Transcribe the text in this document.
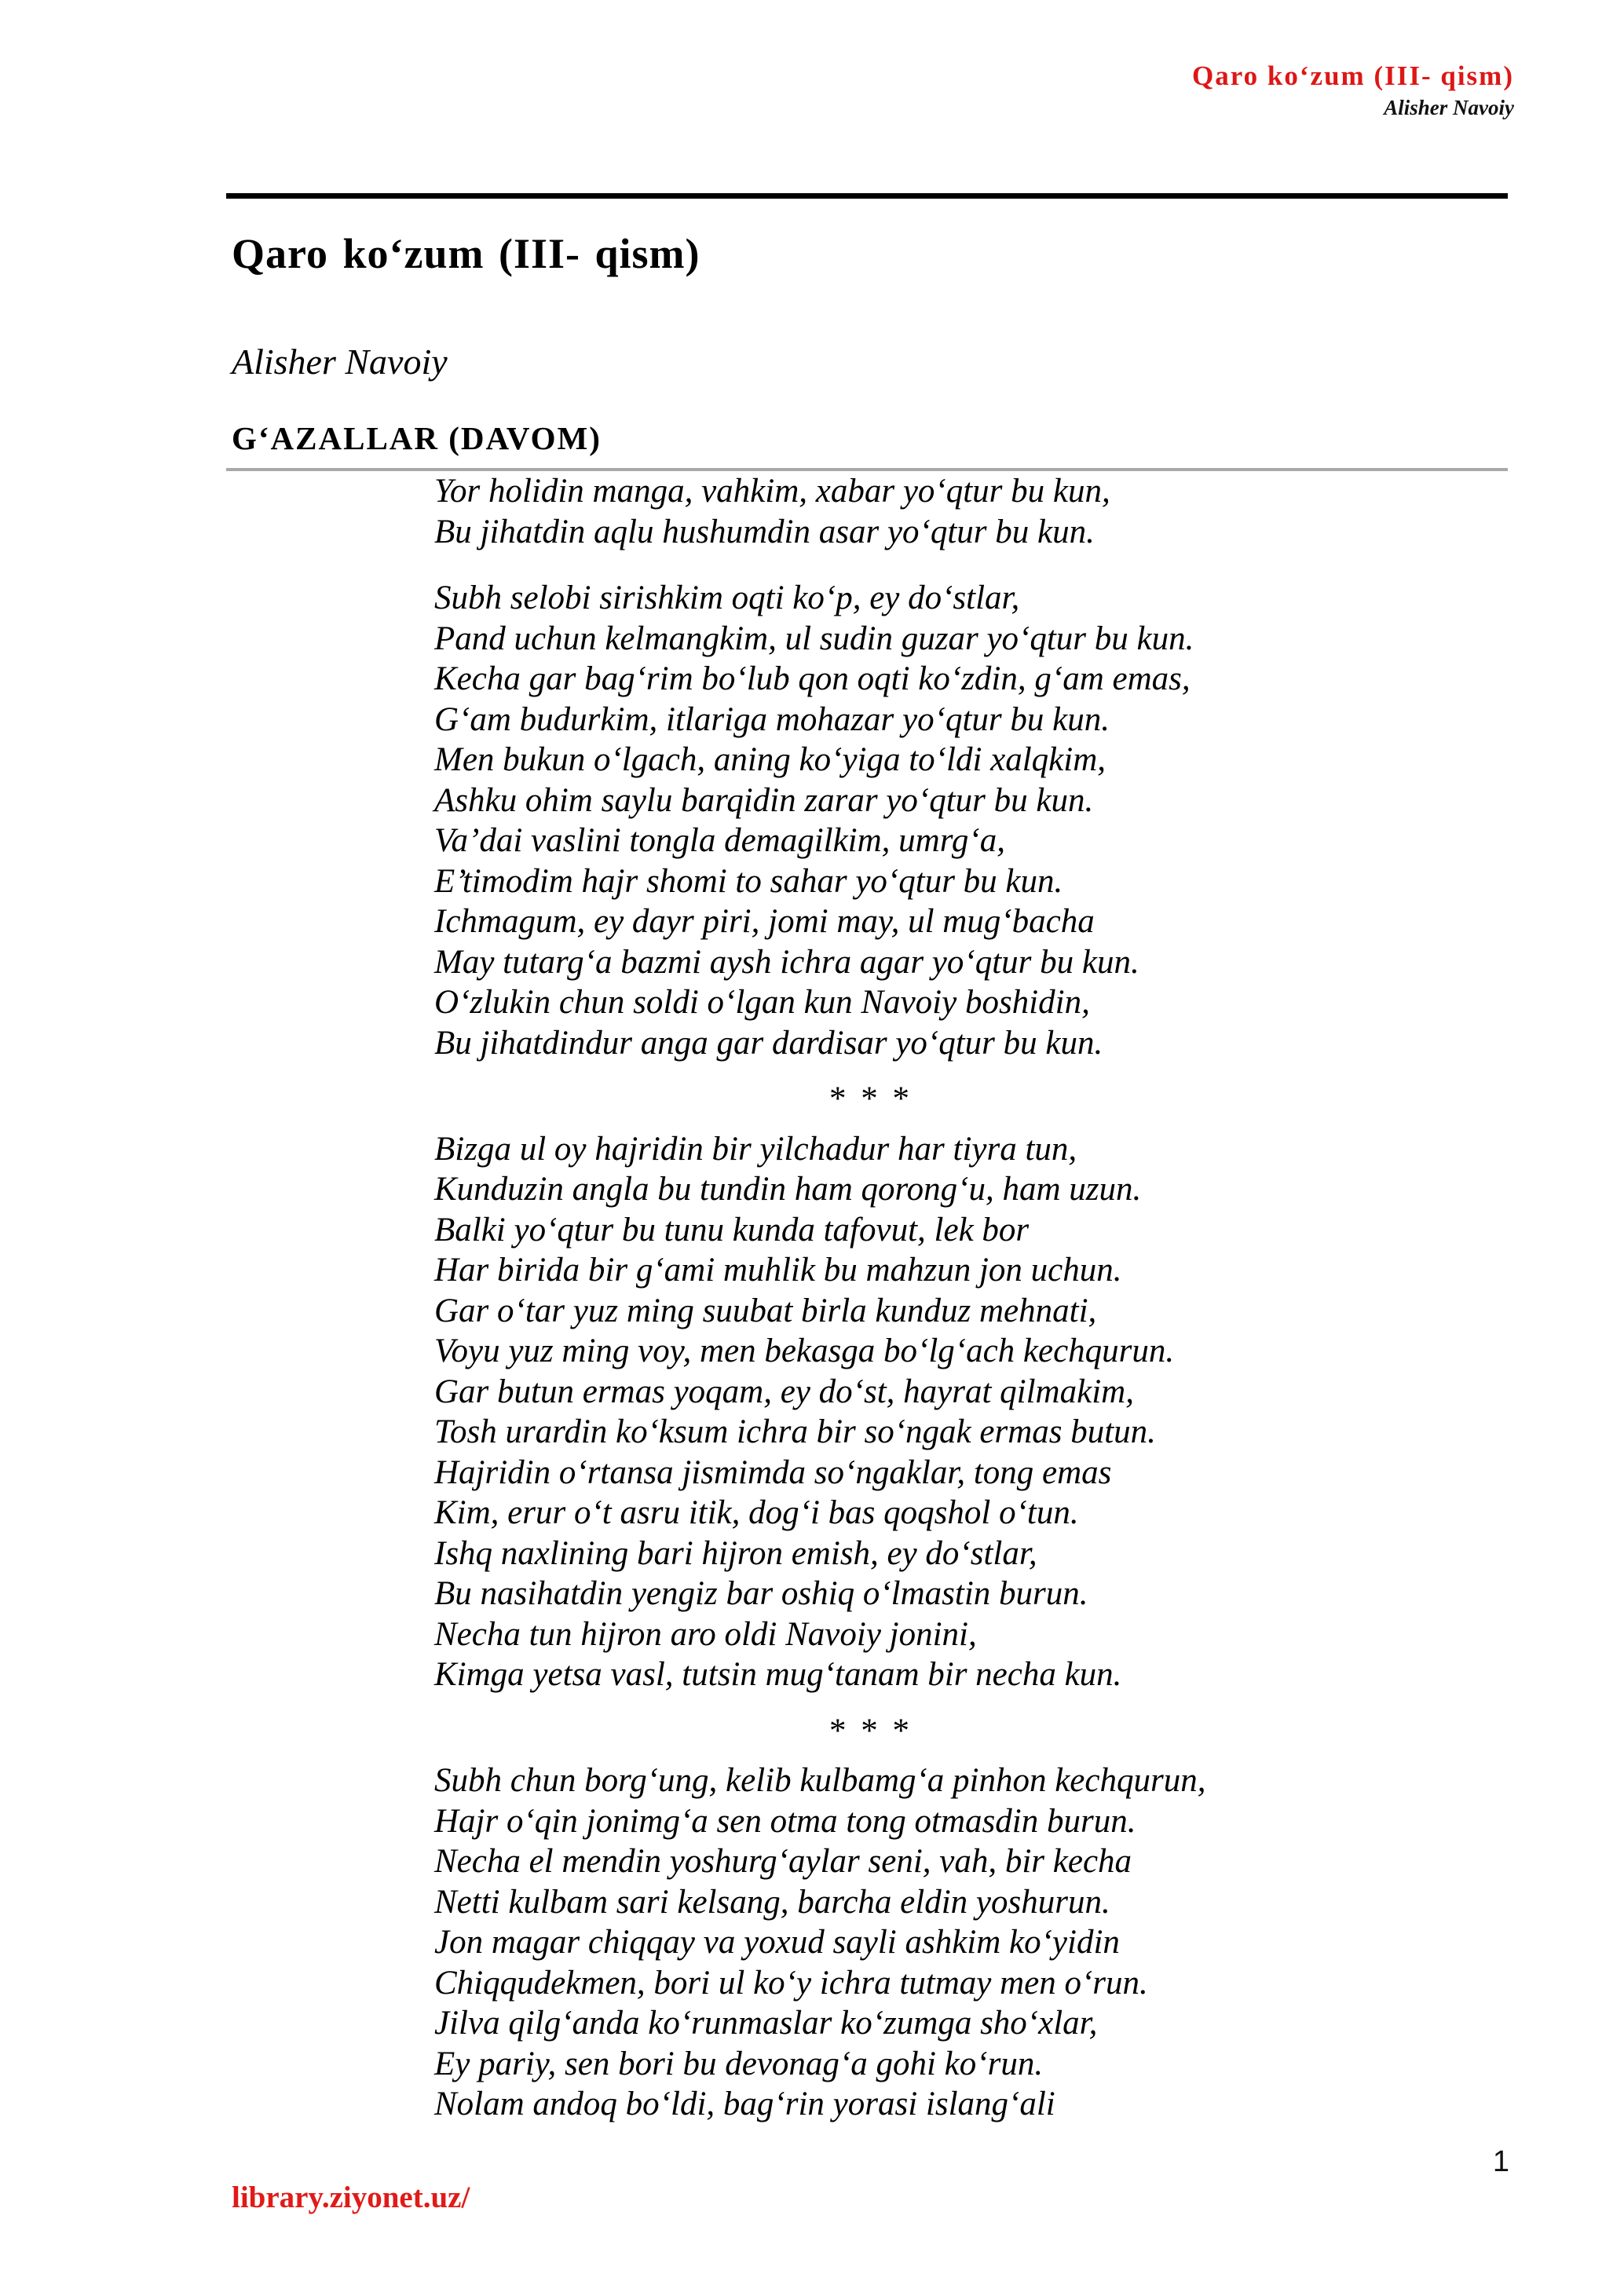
Qaro ko‘zum (III- qism)
Alisher Navoiy
Qaro ko‘zum (III- qism)
Alisher Navoiy
G‘AZALLAR (DAVOM)
Yor holidin manga, vahkim, xabar yo‘qtur bu kun,
Bu jihatdin aqlu hushumdin asar yo‘qtur bu kun.
Subh selobi sirishkim oqti ko‘p, ey do‘stlar,
Pand uchun kelmangkim, ul sudin guzar yo‘qtur bu kun.
Kecha gar bag‘rim bo‘lub qon oqti ko‘zdin, g‘am emas,
G‘am budurkim, itlariga mohazar yo‘qtur bu kun.
Men bukun o‘lgach, aning ko‘yiga to‘ldi xalqkim,
Ashku ohim saylu barqidin zarar yo‘qtur bu kun.
Va’dai vaslini tongla demagilkim, umrg‘a,
E’timodim hajr shomi to sahar yo‘qtur bu kun.
Ichmagum, ey dayr piri, jomi may, ul mug‘bacha
May tutarg‘a bazmi aysh ichra agar yo‘qtur bu kun.
O‘zlukin chun soldi o‘lgan kun Navoiy boshidin,
Bu jihatdindur anga gar dardisar yo‘qtur bu kun.
* * *
Bizga ul oy hajridin bir yilchadur har tiyra tun,
Kunduzin angla bu tundin ham qorong‘u, ham uzun.
Balki yo‘qtur bu tunu kunda tafovut, lek bor
Har birida bir g‘ami muhlik bu mahzun jon uchun.
Gar o‘tar yuz ming suubat birla kunduz mehnati,
Voyu yuz ming voy, men bekasga bo‘lg‘ach kechqurun.
Gar butun ermas yoqam, ey do‘st, hayrat qilmakim,
Tosh urardin ko‘ksum ichra bir so‘ngak ermas butun.
Hajridin o‘rtansa jismimda so‘ngaklar, tong emas
Kim, erur o‘t asru itik, dog‘i bas qoqshol o‘tun.
Ishq naxlining bari hijron emish, ey do‘stlar,
Bu nasihatdin yengiz bar oshiq o‘lmastin burun.
Necha tun hijron aro oldi Navoiy jonini,
Kimga yetsa vasl, tutsin mug‘tanam bir necha kun.
* * *
Subh chun borg‘ung, kelib kulbamg‘a pinhon kechqurun,
Hajr o‘qin jonimg‘a sen otma tong otmasdin burun.
Necha el mendin yoshurg‘aylar seni, vah, bir kecha
Netti kulbam sari kelsang, barcha eldin yoshurun.
Jon magar chiqqay va yoxud sayli ashkim ko‘yidin
Chiqqudekmen, bori ul ko‘y ichra tutmay men o‘run.
Jilva qilg‘anda ko‘runmaslar ko‘zumga sho‘xlar,
Ey pariy, sen bori bu devonag‘a gohi ko‘run.
Nolam andoq bo‘ldi, bag‘rin yorasi islang‘ali
library.ziyonet.uz/
1
